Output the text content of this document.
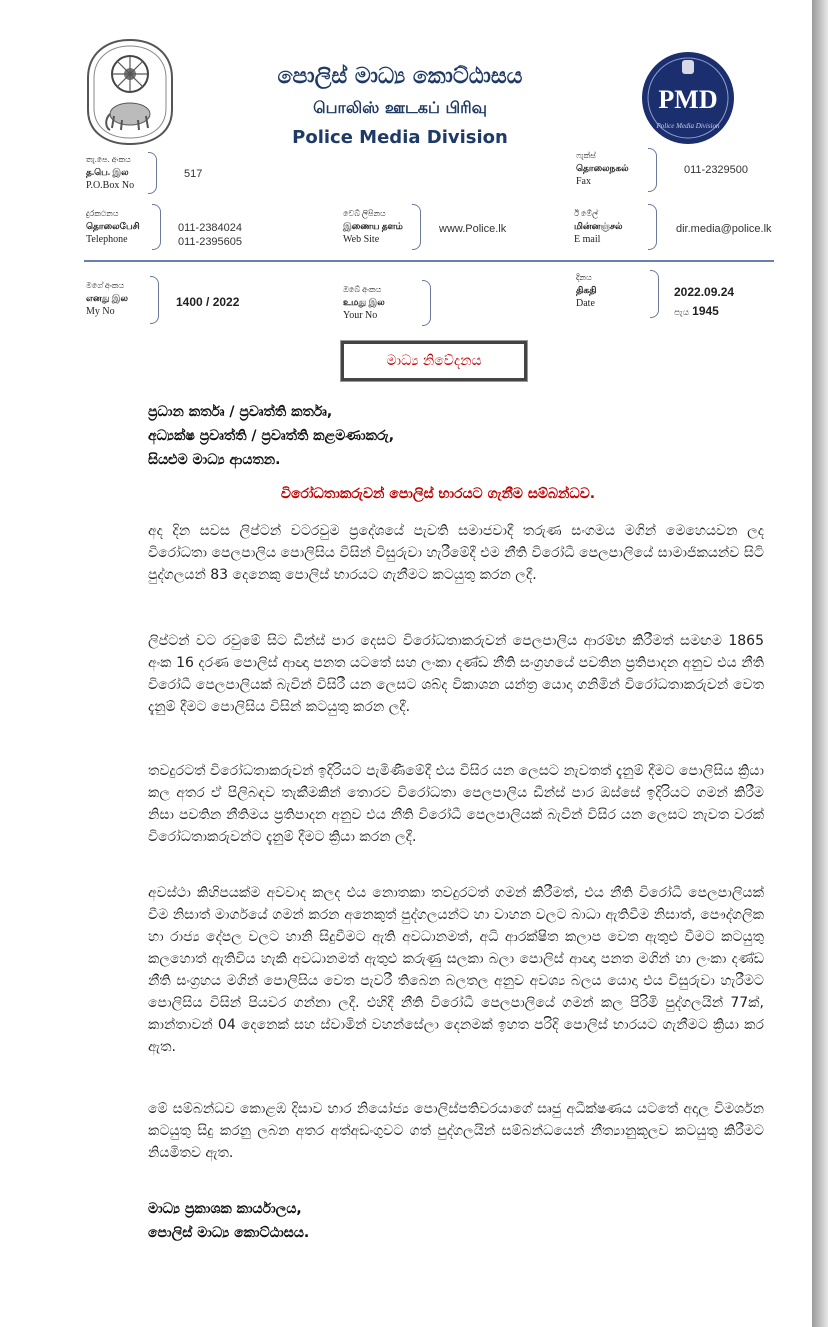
පොලිස් මාධ්‍ය කොට්ඨාසය
பொலிஸ் ஊடகப் பிரிவு
Police Media Division
PMD
Police Media Division
තැ.පෙ. අංකය
த.பெ. இல
P.O.Box No
517
ෆැක්ස්
தொலைநகல்
Fax
011-2329500
දුරකථනය
தொலைபேசி
Telephone
011-2384024
011-2395605
වෙබ් ලිපිනය
இணைய தளம்
Web Site
www.Police.lk
ඊ මේල්
மின்னஞ்சல்
E mail
dir.media@police.lk
මගේ අංකය
எனது இல
My No
1400 / 2022
ඔබේ අංකය
உமது இல
Your No
දිනය
திகதி
Date
2022.09.24
පැය 1945
මාධ්‍ය නිවේදනය
ප්‍රධාන කර්තෘ / ප්‍රවෘත්ති කර්තෘ,
අධ්‍යක්ෂ ප්‍රවෘත්ති / ප්‍රවෘත්ති කළමණාකරු,
සියළුම මාධ්‍ය ආයතන.
විරෝධතාකරුවන් පොලිස් භාරයට ගැනීම සම්බන්ධව.

අද දින සවස ලිප්ටන් වටරවුම ප්‍රදේශයේ පැවති සමාජවාදී තරුණ සංගමය මගින් මෙහෙයවන ලද විරෝධතා පෙලපාලිය පොලිසිය විසින් විසුරුවා හැරීමේදී එම නීති විරෝධී පෙලපාලියේ සාමාජිකයන්ව සිටි පුද්ගලයන් 83 දෙනෙකු පොලිස් භාරයට ගැනීමට කටයුතු කරන ලදී.

ලිප්ටන් වට රවුමේ සිට ඩීන්ස් පාර දෙසට විරෝධතාකරුවන් පෙලපාලිය ආරම්භ කිරීමත් සමඟම 1865 අංක 16 දරණ පොලිස් ආඥා පනත යටතේ සහ ලංකා දණ්ඩ නීති සංග්‍රහයේ පවතින ප්‍රතිපාදන අනුව එය නීති විරෝධී පෙලපාලියක් බැවින් විසිරී යන ලෙසට ශබ්ද විකාශන යන්ත්‍ර යොදා ගනිමින් විරෝධතාකරුවන් වෙත දැනුම් දීමට පොලිසිය විසින් කටයුතු කරන ලදී.

තවදුරටත් විරෝධතාකරුවන් ඉදිරියට පැමිණීමේදී එය විසිර යන ලෙසට නැවතත් දැනුම් දීමට පොලිසිය ක්‍රියා කල අතර ඒ පිලිබඳව තැකීමකින් තොරව විරෝධතා පෙලපාලිය ඩීන්ස් පාර ඔස්සේ ඉදිරියට ගමන් කිරීම නිසා පවතින නීතිමය ප්‍රතිපාදන අනුව එය නීති විරෝධී පෙලපාලියක් බැවින් විසිර යන ලෙසට නැවත වරක් විරෝධතාකරුවන්ට දැනුම් දීමට ක්‍රියා කරන ලදී.

අවස්ථා කිහිපයක්ම අවවාද කලද එය නොතකා තවදුරටත් ගමන් කිරීමත්, එය නීති විරෝධී පෙලපාලියක් වීම නිසාත් මාර්ගයේ ගමන් කරන අනෙකුත් පුද්ගලයන්ට හා වාහන වලට බාධා ඇතිවීම නිසාත්, පෞද්ගලික හා රාජ්‍ය දේපල වලට හානි සිදුවීමට ඇති අවධානමත්, අධි ආරක්ෂිත කලාප වෙත ඇතුළු වීමට කටයුතු කලහොත් ඇතිවිය හැකි අවධානමත් ඇතුළු කරුණු සලකා බලා පොලිස් ආඥා පනත මගින් හා ලංකා දණ්ඩ නීති සංග්‍රහය මගින් පොලිසිය වෙත පැවරී තිබෙන බලතල අනුව අවශ්‍ය බලය යොදා එය විසුරුවා හැරීමට පොලිසිය විසින් පියවර ගන්නා ලදී. එහිදී නීති විරෝධී පෙලපාලියේ ගමන් කල පිරිමි පුද්ගලයින් 77ක්, කාන්තාවන් 04 දෙනෙක් සහ ස්වාමින් වහන්සේලා දෙනමක් ඉහත පරිදි පොලිස් භාරයට ගැනීමට ක්‍රියා කර ඇත.

මේ සම්බන්ධව කොළඹ දිසාව භාර නියෝජ්‍ය පොලිස්පතිවරයාගේ සෘජු අධීක්ෂණය යටතේ අදාල විමර්ශන කටයුතු සිදු කරනු ලබන අතර අත්අඩංගුවට ගත් පුද්ගලයින් සම්බන්ධයෙන් නීත්‍යානුකූලව කටයුතු කිරීමට නියමිතව ඇත.

මාධ්‍ය ප්‍රකාශක කාර්යාලය,
පොලිස් මාධ්‍ය කොට්ඨාසය.
